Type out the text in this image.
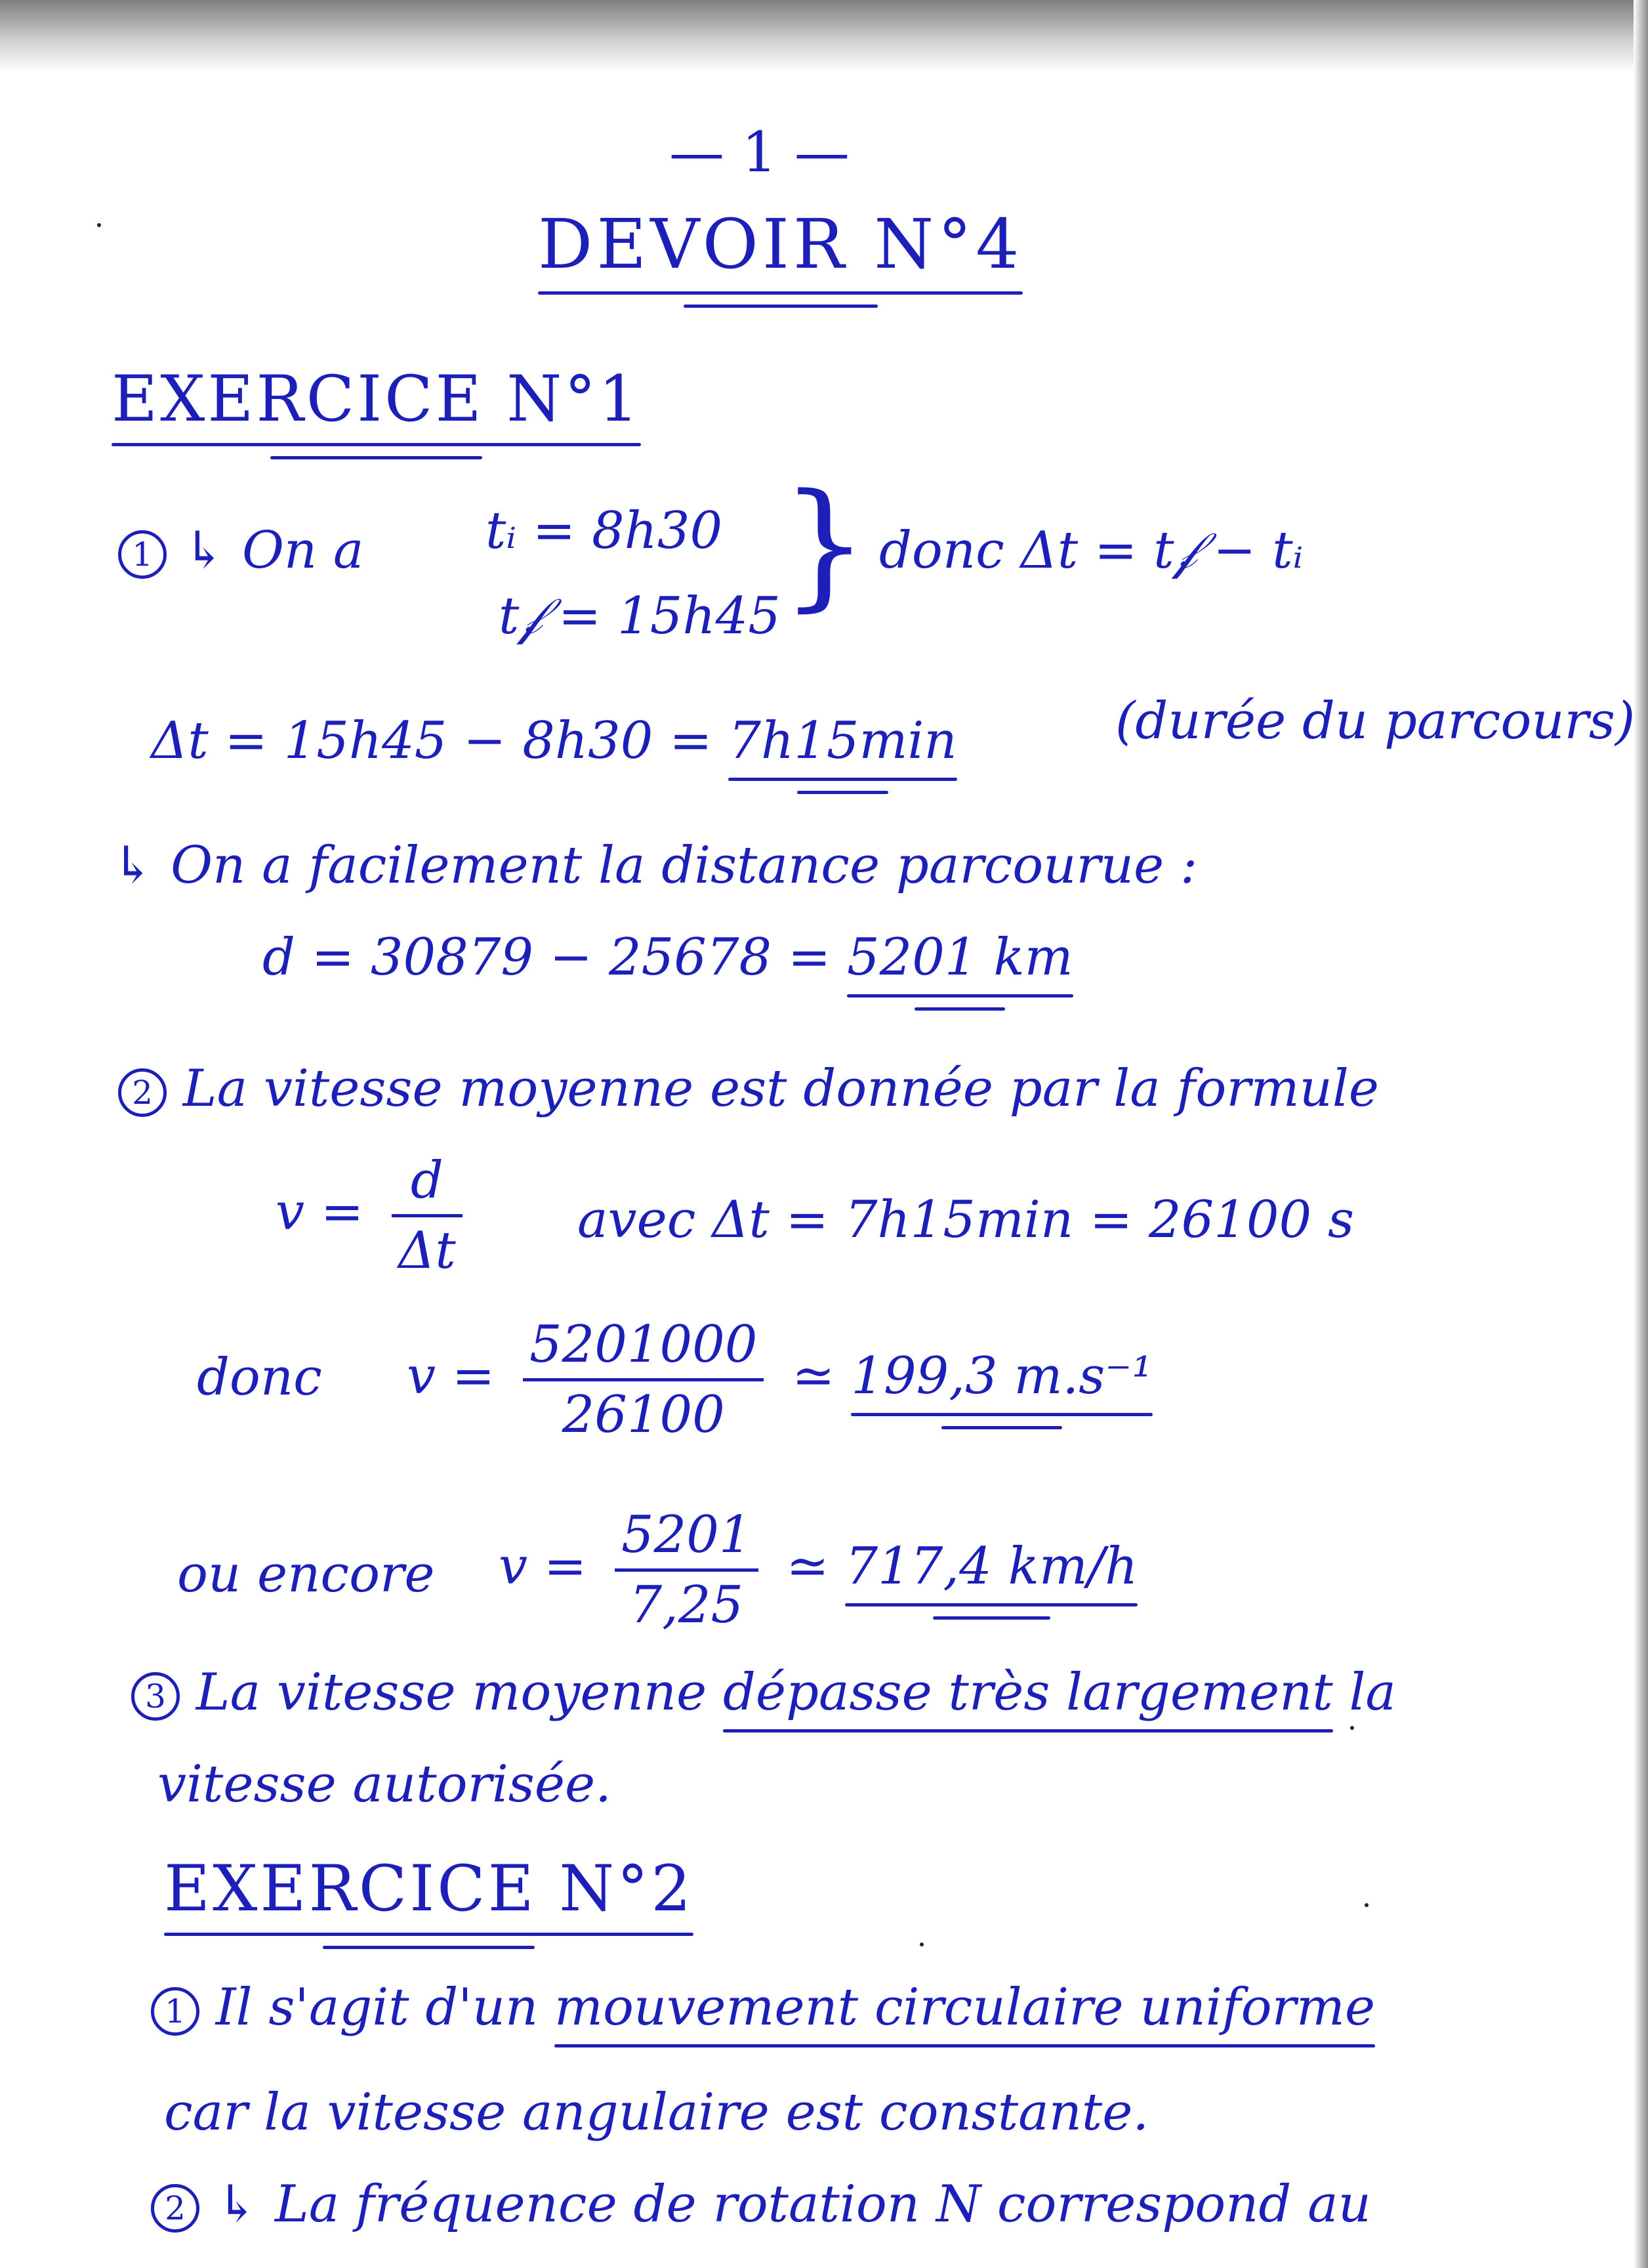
— 1 —
DEVOIR N°4
EXERCICE N°1
1 ↳ On a tᵢ = 8h30
t𝒻 = 15h45 } donc Δt = t𝒻 − tᵢ
Δt = 15h45 − 8h30 = 7h15min	(durée du parcours)
↳ On a facilement la distance parcourue :
d = 30879 − 25678 = 5201 km
2 La vitesse moyenne est donnée par la formule
$v = \frac{d}{\Delta t}$ avec Δt = 7h15min = 26100 s
donc $v = \frac{5201000}{26100}$ ≃ 199,3 m.s⁻¹
ou encore $v = \frac{5201}{7,25}$ ≃ 717,4 km/h
3 La vitesse moyenne dépasse très largement la
vitesse autorisée.
EXERCICE N°2
1 Il s'agit d'un mouvement circulaire uniforme
car la vitesse angulaire est constante.
2 ↳ La fréquence de rotation N correspond au
